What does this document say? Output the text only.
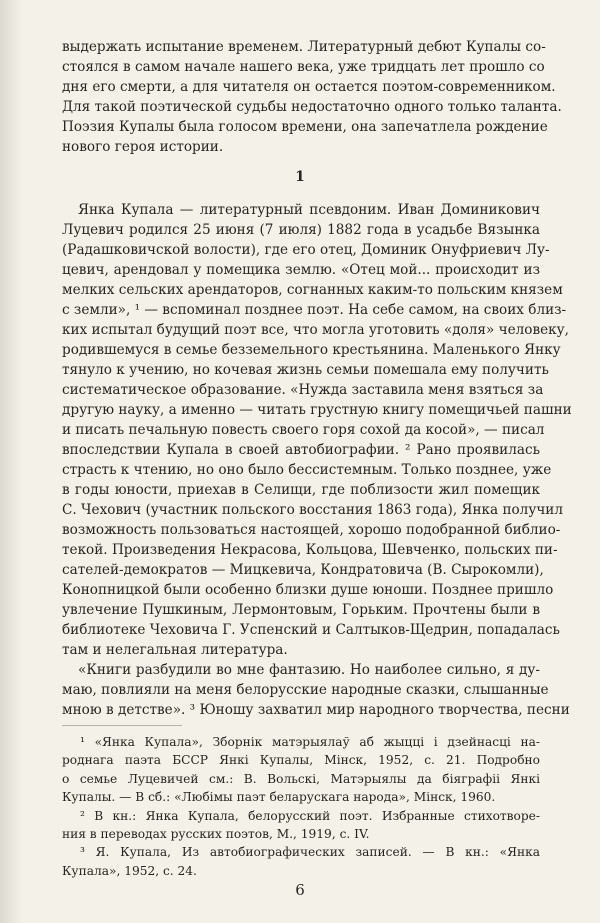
выдержать испытание временем. Литературный дебют Купалы со-
стоялся в самом начале нашего века, уже тридцать лет прошло со
дня его смерти, а для читателя он остается поэтом-современником.
Для такой поэтической судьбы недостаточно одного только таланта.
Поэзия Купалы была голосом времени, она запечатлела рождение
нового героя истории.
1
Янка Купала — литературный псевдоним. Иван Доминикович
Луцевич родился 25 июня (7 июля) 1882 года в усадьбе Вязынка
(Радашковичской волости), где его отец, Доминик Онуфриевич Лу-
цевич, арендовал у помещика землю. «Отец мой... происходит из
мелких сельских арендаторов, согнанных каким-то польским князем
с земли», ¹ — вспоминал позднее поэт. На себе самом, на своих близ-
ких испытал будущий поэт все, что могла уготовить «доля» человеку,
родившемуся в семье безземельного крестьянина. Маленького Янку
тянуло к учению, но кочевая жизнь семьи помешала ему получить
систематическое образование. «Нужда заставила меня взяться за
другую науку, а именно — читать грустную книгу помещичьей пашни
и писать печальную повесть своего горя сохой да косой», — писал
впоследствии Купала в своей автобиографии. ² Рано проявилась
страсть к чтению, но оно было бессистемным. Только позднее, уже
в годы юности, приехав в Селищи, где поблизости жил помещик
С. Чехович (участник польского восстания 1863 года), Янка получил
возможность пользоваться настоящей, хорошо подобранной библио-
текой. Произведения Некрасова, Кольцова, Шевченко, польских пи-
сателей-демократов — Мицкевича, Кондратовича (В. Сырокомли),
Конопницкой были особенно близки душе юноши. Позднее пришло
увлечение Пушкиным, Лермонтовым, Горьким. Прочтены были в
библиотеке Чеховича Г. Успенский и Салтыков-Щедрин, попадалась
там и нелегальная литература.
«Книги разбудили во мне фантазию. Но наиболее сильно, я ду-
маю, повлияли на меня белорусские народные сказки, слышанные
мною в детстве». ³ Юношу захватил мир народного творчества, песни
¹ «Янка Купала», Зборнік матэрыялаў аб жыцці і дзейнасці на-
роднага паэта БССР Янкі Купалы, Мінск, 1952, с. 21. Подробно
о семье Луцевичей см.: В. Вольскі, Матэрыялы да біяграфіі Янкі
Купалы. — В сб.: «Любімы паэт беларускага народа», Мінск, 1960.
² В кн.: Янка Купала, белорусский поэт. Избранные стихотворе-
ния в переводах русских поэтов, М., 1919, с. IV.
³ Я. Купала, Из автобиографических записей. — В кн.: «Янка
Купала», 1952, с. 24.
6
